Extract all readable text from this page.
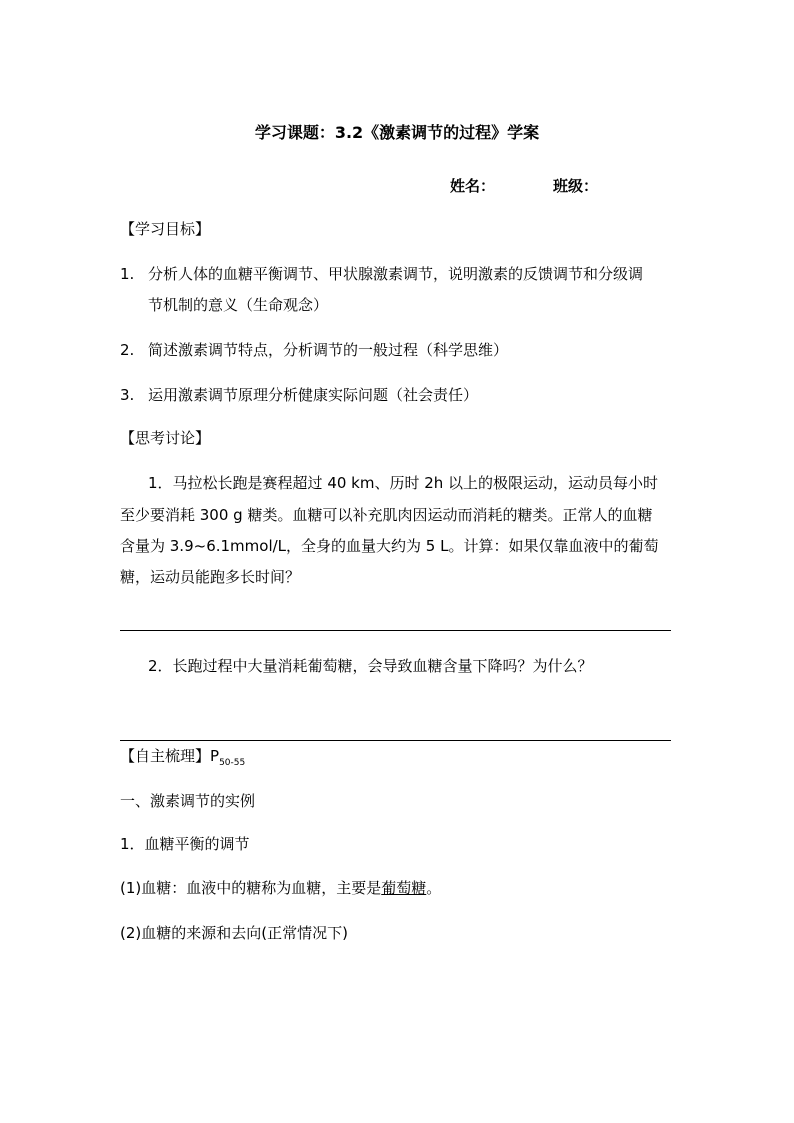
学习课题：3.2《激素调节的过程》学案
姓名：	班级：
【学习目标】
1. 分析人体的血糖平衡调节、甲状腺激素调节，说明激素的反馈调节和分级调
节机制的意义（生命观念）
2. 简述激素调节特点，分析调节的一般过程（科学思维）
3. 运用激素调节原理分析健康实际问题（社会责任）
【思考讨论】
1．马拉松长跑是赛程超过 40 km、历时 2h 以上的极限运动，运动员每小时
至少要消耗 300 g 糖类。血糖可以补充肌肉因运动而消耗的糖类。正常人的血糖
含量为 3.9~6.1mmol/L，全身的血量大约为 5 L。计算：如果仅靠血液中的葡萄
糖，运动员能跑多长时间？
2．长跑过程中大量消耗葡萄糖，会导致血糖含量下降吗？为什么？
【自主梳理】$P_{50-55}$
一、激素调节的实例
1．血糖平衡的调节
(1)血糖：血液中的糖称为血糖，主要是葡萄糖。
(2)血糖的来源和去向(正常情况下)
